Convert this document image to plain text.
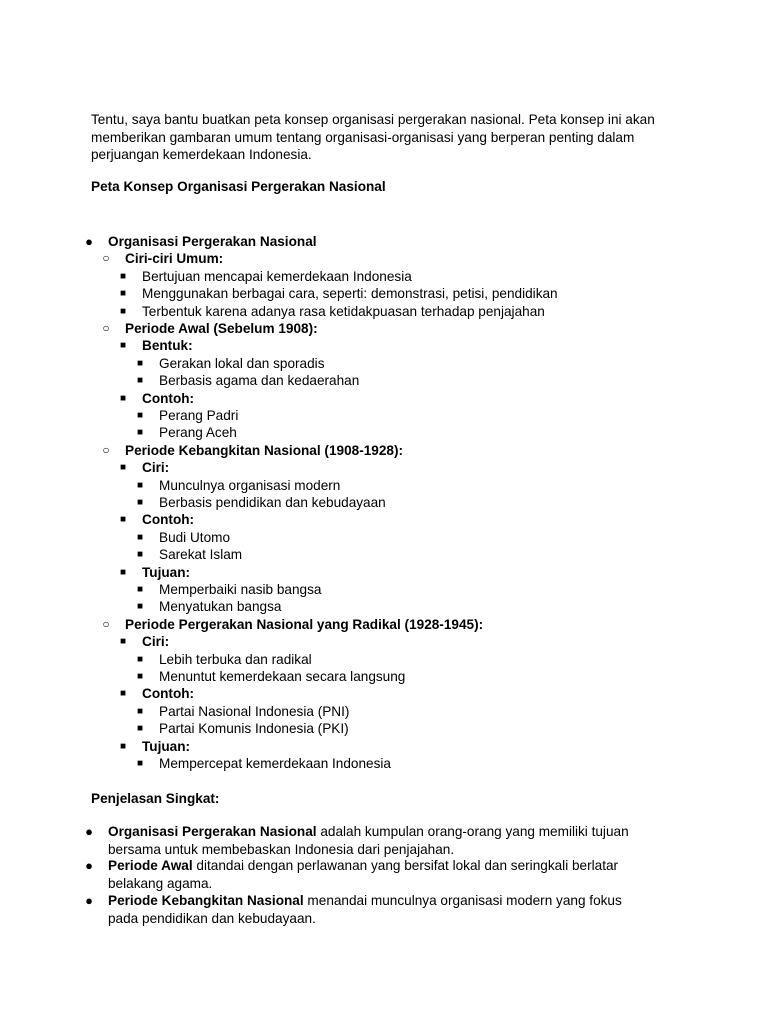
Tentu, saya bantu buatkan peta konsep organisasi pergerakan nasional. Peta konsep ini akan memberikan gambaran umum tentang organisasi-organisasi yang berperan penting dalam perjuangan kemerdekaan Indonesia.

Peta Konsep Organisasi Pergerakan Nasional

● Organisasi Pergerakan Nasional
○ Ciri-ciri Umum:
■ Bertujuan mencapai kemerdekaan Indonesia
■ Menggunakan berbagai cara, seperti: demonstrasi, petisi, pendidikan
■ Terbentuk karena adanya rasa ketidakpuasan terhadap penjajahan
○ Periode Awal (Sebelum 1908):
■ Bentuk:
■ Gerakan lokal dan sporadis
■ Berbasis agama dan kedaerahan
■ Contoh:
■ Perang Padri
■ Perang Aceh
○ Periode Kebangkitan Nasional (1908-1928):
■ Ciri:
■ Munculnya organisasi modern
■ Berbasis pendidikan dan kebudayaan
■ Contoh:
■ Budi Utomo
■ Sarekat Islam
■ Tujuan:
■ Memperbaiki nasib bangsa
■ Menyatukan bangsa
○ Periode Pergerakan Nasional yang Radikal (1928-1945):
■ Ciri:
■ Lebih terbuka dan radikal
■ Menuntut kemerdekaan secara langsung
■ Contoh:
■ Partai Nasional Indonesia (PNI)
■ Partai Komunis Indonesia (PKI)
■ Tujuan:
■ Mempercepat kemerdekaan Indonesia

Penjelasan Singkat:

● Organisasi Pergerakan Nasional adalah kumpulan orang-orang yang memiliki tujuan bersama untuk membebaskan Indonesia dari penjajahan.
● Periode Awal ditandai dengan perlawanan yang bersifat lokal dan seringkali berlatar belakang agama.
● Periode Kebangkitan Nasional menandai munculnya organisasi modern yang fokus pada pendidikan dan kebudayaan.
